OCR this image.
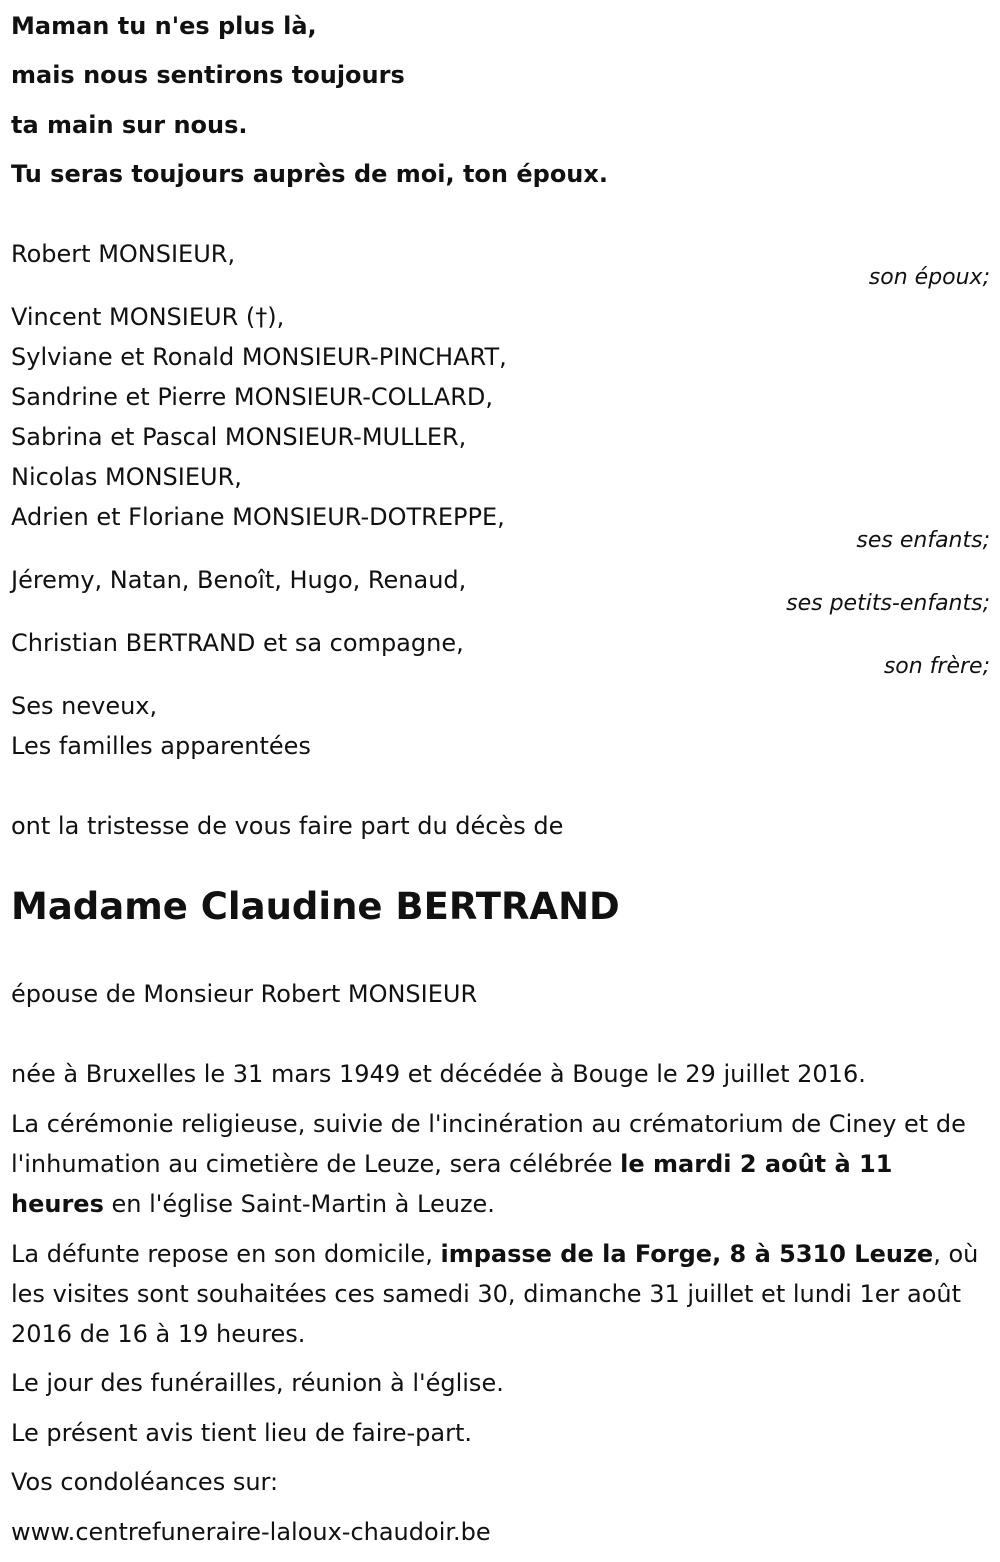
Maman tu n'es plus là,
mais nous sentirons toujours
ta main sur nous.
Tu seras toujours auprès de moi, ton époux.
Robert MONSIEUR,
son époux;
Vincent MONSIEUR (†),
Sylviane et Ronald MONSIEUR-PINCHART,
Sandrine et Pierre MONSIEUR-COLLARD,
Sabrina et Pascal MONSIEUR-MULLER,
Nicolas MONSIEUR,
Adrien et Floriane MONSIEUR-DOTREPPE,
ses enfants;
Jéremy, Natan, Benoît, Hugo, Renaud,
ses petits-enfants;
Christian BERTRAND et sa compagne,
son frère;
Ses neveux,
Les familles apparentées
ont la tristesse de vous faire part du décès de
Madame Claudine BERTRAND
épouse de Monsieur Robert MONSIEUR
née à Bruxelles le 31 mars 1949 et décédée à Bouge le 29 juillet 2016.
La cérémonie religieuse, suivie de l'incinération au crématorium de Ciney et de l'inhumation au cimetière de Leuze, sera célébrée le mardi 2 août à 11 heures en l'église Saint-Martin à Leuze.
La défunte repose en son domicile, impasse de la Forge, 8 à 5310 Leuze, où les visites sont souhaitées ces samedi 30, dimanche 31 juillet et lundi 1er août 2016 de 16 à 19 heures.
Le jour des funérailles, réunion à l'église.
Le présent avis tient lieu de faire-part.
Vos condoléances sur:
www.centrefuneraire-laloux-chaudoir.be
